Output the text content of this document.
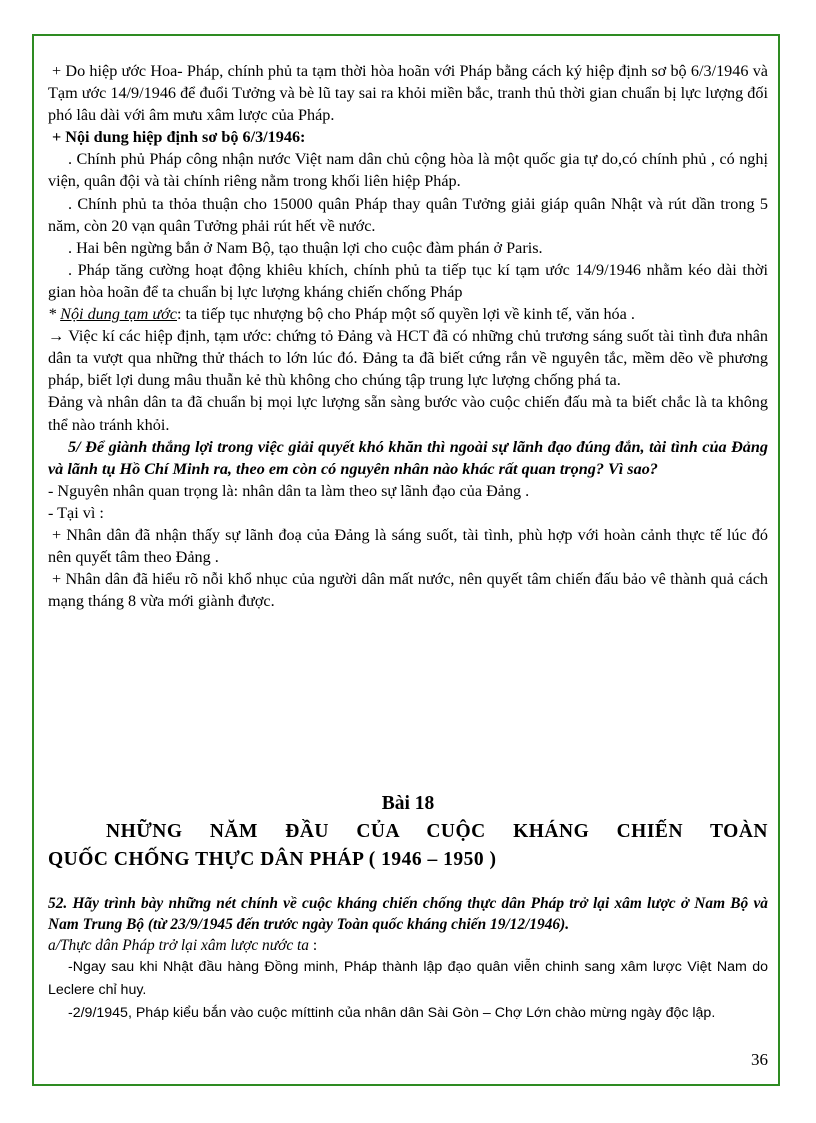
+ Do hiệp ước Hoa- Pháp, chính phủ ta tạm thời hòa hoãn với Pháp bằng cách ký hiệp định sơ bộ 6/3/1946 và Tạm ước 14/9/1946 để đuổi Tưởng và bè lũ tay sai ra khỏi miền bắc, tranh thủ thời gian chuẩn bị lực lượng đối phó lâu dài với âm mưu xâm lược của Pháp.

+ Nội dung hiệp định sơ bộ 6/3/1946:

. Chính phủ Pháp công nhận nước Việt nam dân chủ cộng hòa là một quốc gia tự do,có chính phủ , có nghị viện, quân đội và tài chính riêng nằm trong khối liên hiệp Pháp.

. Chính phủ ta thỏa thuận cho 15000 quân Pháp thay quân Tưởng giải giáp quân Nhật và rút dần trong 5 năm, còn 20 vạn quân Tưởng phải rút hết về nước.

. Hai bên ngừng bắn ở Nam Bộ, tạo thuận lợi cho cuộc đàm phán ở Paris.

. Pháp tăng cường hoạt động khiêu khích, chính phủ ta tiếp tục kí tạm ước 14/9/1946 nhằm kéo dài thời gian hòa hoãn để ta chuẩn bị lực lượng kháng chiến chống Pháp

* Nội dung tạm ước: ta tiếp tục nhượng bộ cho Pháp một số quyền lợi về kinh tế, văn hóa .

→ Việc kí các hiệp định, tạm ước: chứng tỏ Đảng và HCT đã có những chủ trương sáng suốt tài tình đưa nhân dân ta vượt qua những thử thách to lớn lúc đó. Đảng ta đã biết cứng rắn về nguyên tắc, mềm dẽo về phương pháp, biết lợi dung mâu thuẫn kẻ thù không cho chúng tập trung lực lượng chống phá ta.

Đảng và nhân dân ta đã chuẩn bị mọi lực lượng sẵn sàng bước vào cuộc chiến đấu mà ta biết chắc là ta không thể nào tránh khỏi.

5/ Để giành thắng lợi trong việc giải quyết khó khăn thì ngoài sự lãnh đạo đúng đắn, tài tình của Đảng và lãnh tụ Hồ Chí Minh ra, theo em còn có nguyên nhân nào khác rất quan trọng? Vì sao?

- Nguyên nhân quan trọng là: nhân dân ta làm theo sự lãnh đạo của Đảng .

- Tại vì :

+ Nhân dân đã nhận thấy sự lãnh đoạ của Đảng là sáng suốt, tài tình, phù hợp với hoàn cảnh thực tế lúc đó nên quyết tâm theo Đảng .

+ Nhân dân đã hiểu rõ nỗi khổ nhục của người dân mất nước, nên quyết tâm chiến đấu bảo vê thành quả cách mạng tháng 8 vừa mới giành được.

Bài 18

NHỮNG NĂM ĐẦU CỦA CUỘC KHÁNG CHIẾN TOÀN
QUỐC CHỐNG THỰC DÂN PHÁP ( 1946 – 1950 )

52. Hãy trình bày những nét chính về cuộc kháng chiến chống thực dân Pháp trở lại xâm lược ở Nam Bộ và Nam Trung Bộ (từ 23/9/1945 đến trước ngày Toàn quốc kháng chiến 19/12/1946).

a/Thực dân Pháp trở lại xâm lược nước ta :

-Ngay sau khi Nhật đầu hàng Đồng minh, Pháp thành lập đạo quân viễn chinh sang xâm lược Việt Nam do Leclere chỉ huy.

-2/9/1945, Pháp kiểu bắn vào cuộc míttinh của nhân dân Sài Gòn – Chợ Lớn chào mừng ngày độc lập.

36
